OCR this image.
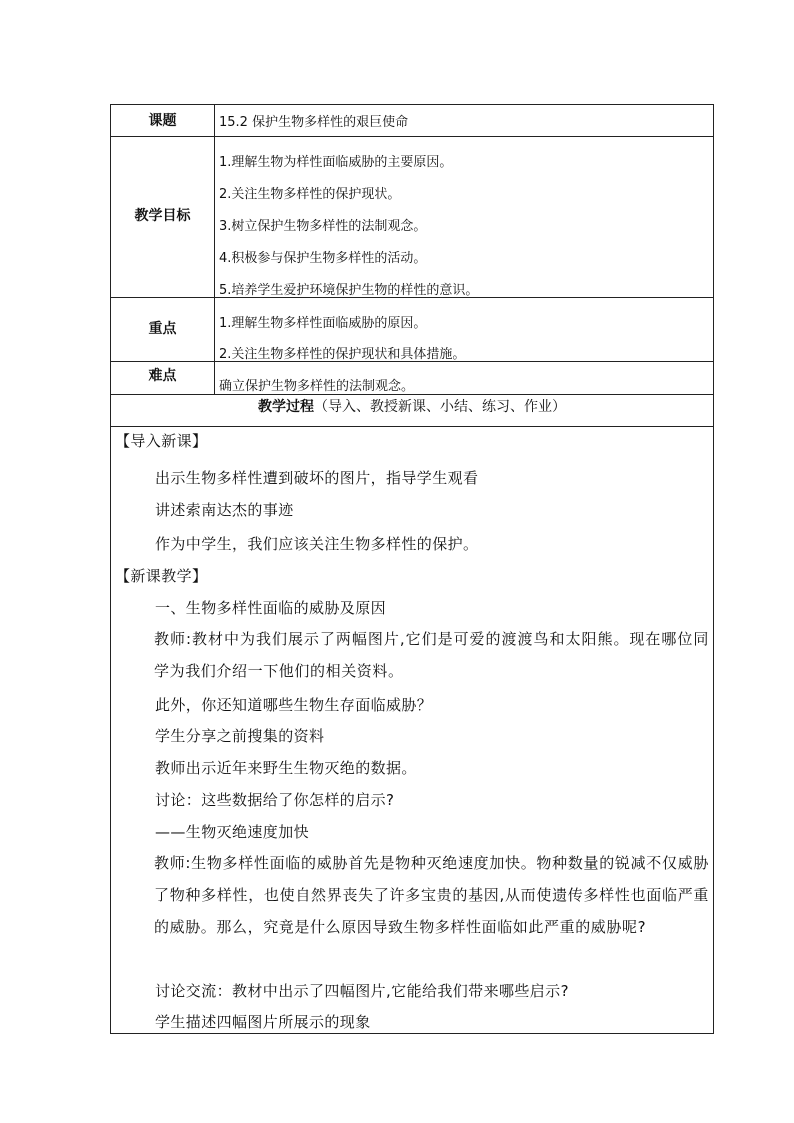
课题	15.2 保护生物多样性的艰巨使命
教学目标
1.理解生物为样性面临威胁的主要原因。
2.关注生物多样性的保护现状。
3.树立保护生物多样性的法制观念。
4.积极参与保护生物多样性的活动。
5.培养学生爱护环境保护生物的样性的意识。
重点	1.理解生物多样性面临威胁的原因。
2.关注生物多样性的保护现状和具体措施。
难点
确立保护生物多样性的法制观念。
教学过程（导入、教授新课、小结、练习、作业）
【导入新课】
出示生物多样性遭到破坏的图片，指导学生观看
讲述索南达杰的事迹
作为中学生，我们应该关注生物多样性的保护。
【新课教学】
一、生物多样性面临的威胁及原因
教师:教材中为我们展示了两幅图片,它们是可爱的渡渡鸟和太阳熊。现在哪位同学为我们介绍一下他们的相关资料。
此外，你还知道哪些生物生存面临威胁？
学生分享之前搜集的资料
教师出示近年来野生生物灭绝的数据。
讨论：这些数据给了你怎样的启示?
——生物灭绝速度加快
教师:生物多样性面临的威胁首先是物种灭绝速度加快。物种数量的锐减不仅威胁了物种多样性，也使自然界丧失了许多宝贵的基因,从而使遗传多样性也面临严重的威胁。那么，究竟是什么原因导致生物多样性面临如此严重的威胁呢?
讨论交流：教材中出示了四幅图片,它能给我们带来哪些启示?
学生描述四幅图片所展示的现象
